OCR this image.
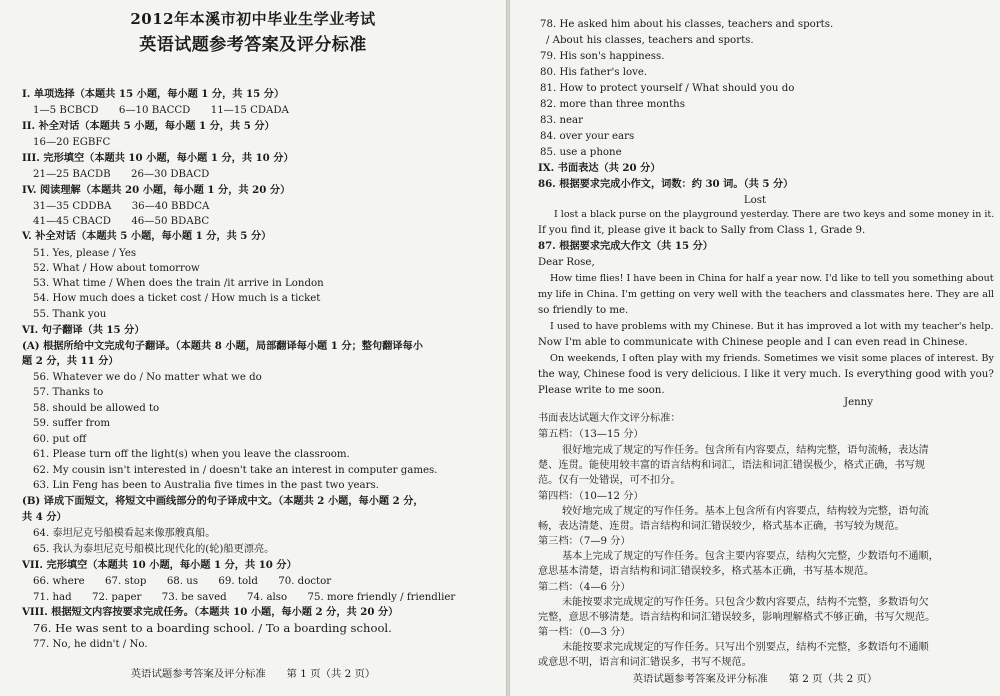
2012年本溪市初中毕业生学业考试
英语试题参考答案及评分标准
I. 单项选择（本题共 15 小题，每小题 1 分，共 15 分）
1—5 BCBCD　　6—10 BACCD　　11—15 CDADA
II. 补全对话（本题共 5 小题，每小题 1 分，共 5 分）
16—20 EGBFC
III. 完形填空（本题共 10 小题，每小题 1 分，共 10 分）
21—25 BACDB　　26—30 DBACD
IV. 阅读理解（本题共 20 小题，每小题 1 分，共 20 分）
31—35 CDDBA　　36—40 BBDCA
41—45 CBACD　　46—50 BDABC
V. 补全对话（本题共 5 小题，每小题 1 分，共 5 分）
51. Yes, please / Yes
52. What / How about tomorrow
53. What time / When does the train /it arrive in London
54. How much does a ticket cost / How much is a ticket
55. Thank you
VI. 句子翻译（共 15 分）
(A) 根据所给中文完成句子翻译。（本题共 8 小题，局部翻译每小题 1 分；整句翻译每小
题 2 分，共 11 分）
56. Whatever we do / No matter what we do
57. Thanks to
58. should be allowed to
59. suffer from
60. put off
61. Please turn off the light(s) when you leave the classroom.
62. My cousin isn't interested in / doesn't take an interest in computer games.
63. Lin Feng has been to Australia five times in the past two years.
(B) 译成下面短文，将短文中画线部分的句子译成中文。（本题共 2 小题，每小题 2 分，
共 4 分）
64. 泰坦尼克号船模看起来像那艘真船。
65. 我认为泰坦尼克号船模比现代化的(轮)船更漂亮。
VII. 完形填空（本题共 10 小题，每小题 1 分，共 10 分）
66. where　　67. stop　　68. us　　69. told　　70. doctor
71. had　　72. paper　　73. be saved　　74. also　　75. more friendly / friendlier
VIII. 根据短文内容按要求完成任务。（本题共 10 小题，每小题 2 分，共 20 分）
76. He was sent to a boarding school. / To a boarding school.
77. No, he didn't / No.
英语试题参考答案及评分标准　　第 1 页（共 2 页）
78. He asked him about his classes, teachers and sports.
/ About his classes, teachers and sports.
79. His son's happiness.
80. His father's love.
81. How to protect yourself / What should you do
82. more than three months
83. near
84. over your ears
85. use a phone
IX. 书面表达（共 20 分）
86. 根据要求完成小作文，词数：约 30 词。（共 5 分）
Lost
I lost a black purse on the playground yesterday. There are two keys and some money in it.
If you find it, please give it back to Sally from Class 1, Grade 9.
87. 根据要求完成大作文（共 15 分）
Dear Rose,
How time flies! I have been in China for half a year now. I'd like to tell you something about
my life in China. I'm getting on very well with the teachers and classmates here. They are all
so friendly to me.
I used to have problems with my Chinese. But it has improved a lot with my teacher's help.
Now I'm able to communicate with Chinese people and I can even read in Chinese.
On weekends, I often play with my friends. Sometimes we visit some places of interest. By
the way, Chinese food is very delicious. I like it very much. Is everything good with you?
Please write to me soon.
Jenny
书面表达试题大作文评分标准：
第五档：（13—15 分）
很好地完成了规定的写作任务。包含所有内容要点，结构完整，语句流畅，表达清
楚、连贯。能使用较丰富的语言结构和词汇，语法和词汇错误极少，格式正确，书写规
范。仅有一处错误，可不扣分。
第四档：（10—12 分）
较好地完成了规定的写作任务。基本上包含所有内容要点，结构较为完整，语句流
畅，表达清楚、连贯。语言结构和词汇错误较少，格式基本正确，书写较为规范。
第三档：（7—9 分）
基本上完成了规定的写作任务。包含主要内容要点，结构欠完整，少数语句不通顺，
意思基本清楚，语言结构和词汇错误较多，格式基本正确，书写基本规范。
第二档：（4—6 分）
未能按要求完成规定的写作任务。只包含少数内容要点，结构不完整，多数语句欠
完整，意思不够清楚。语言结构和词汇错误较多，影响理解格式不够正确，书写欠规范。
第一档：（0—3 分）
未能按要求完成规定的写作任务。只写出个别要点，结构不完整，多数语句不通顺
或意思不明，语言和词汇错误多，书写不规范。
英语试题参考答案及评分标准　　第 2 页（共 2 页）
